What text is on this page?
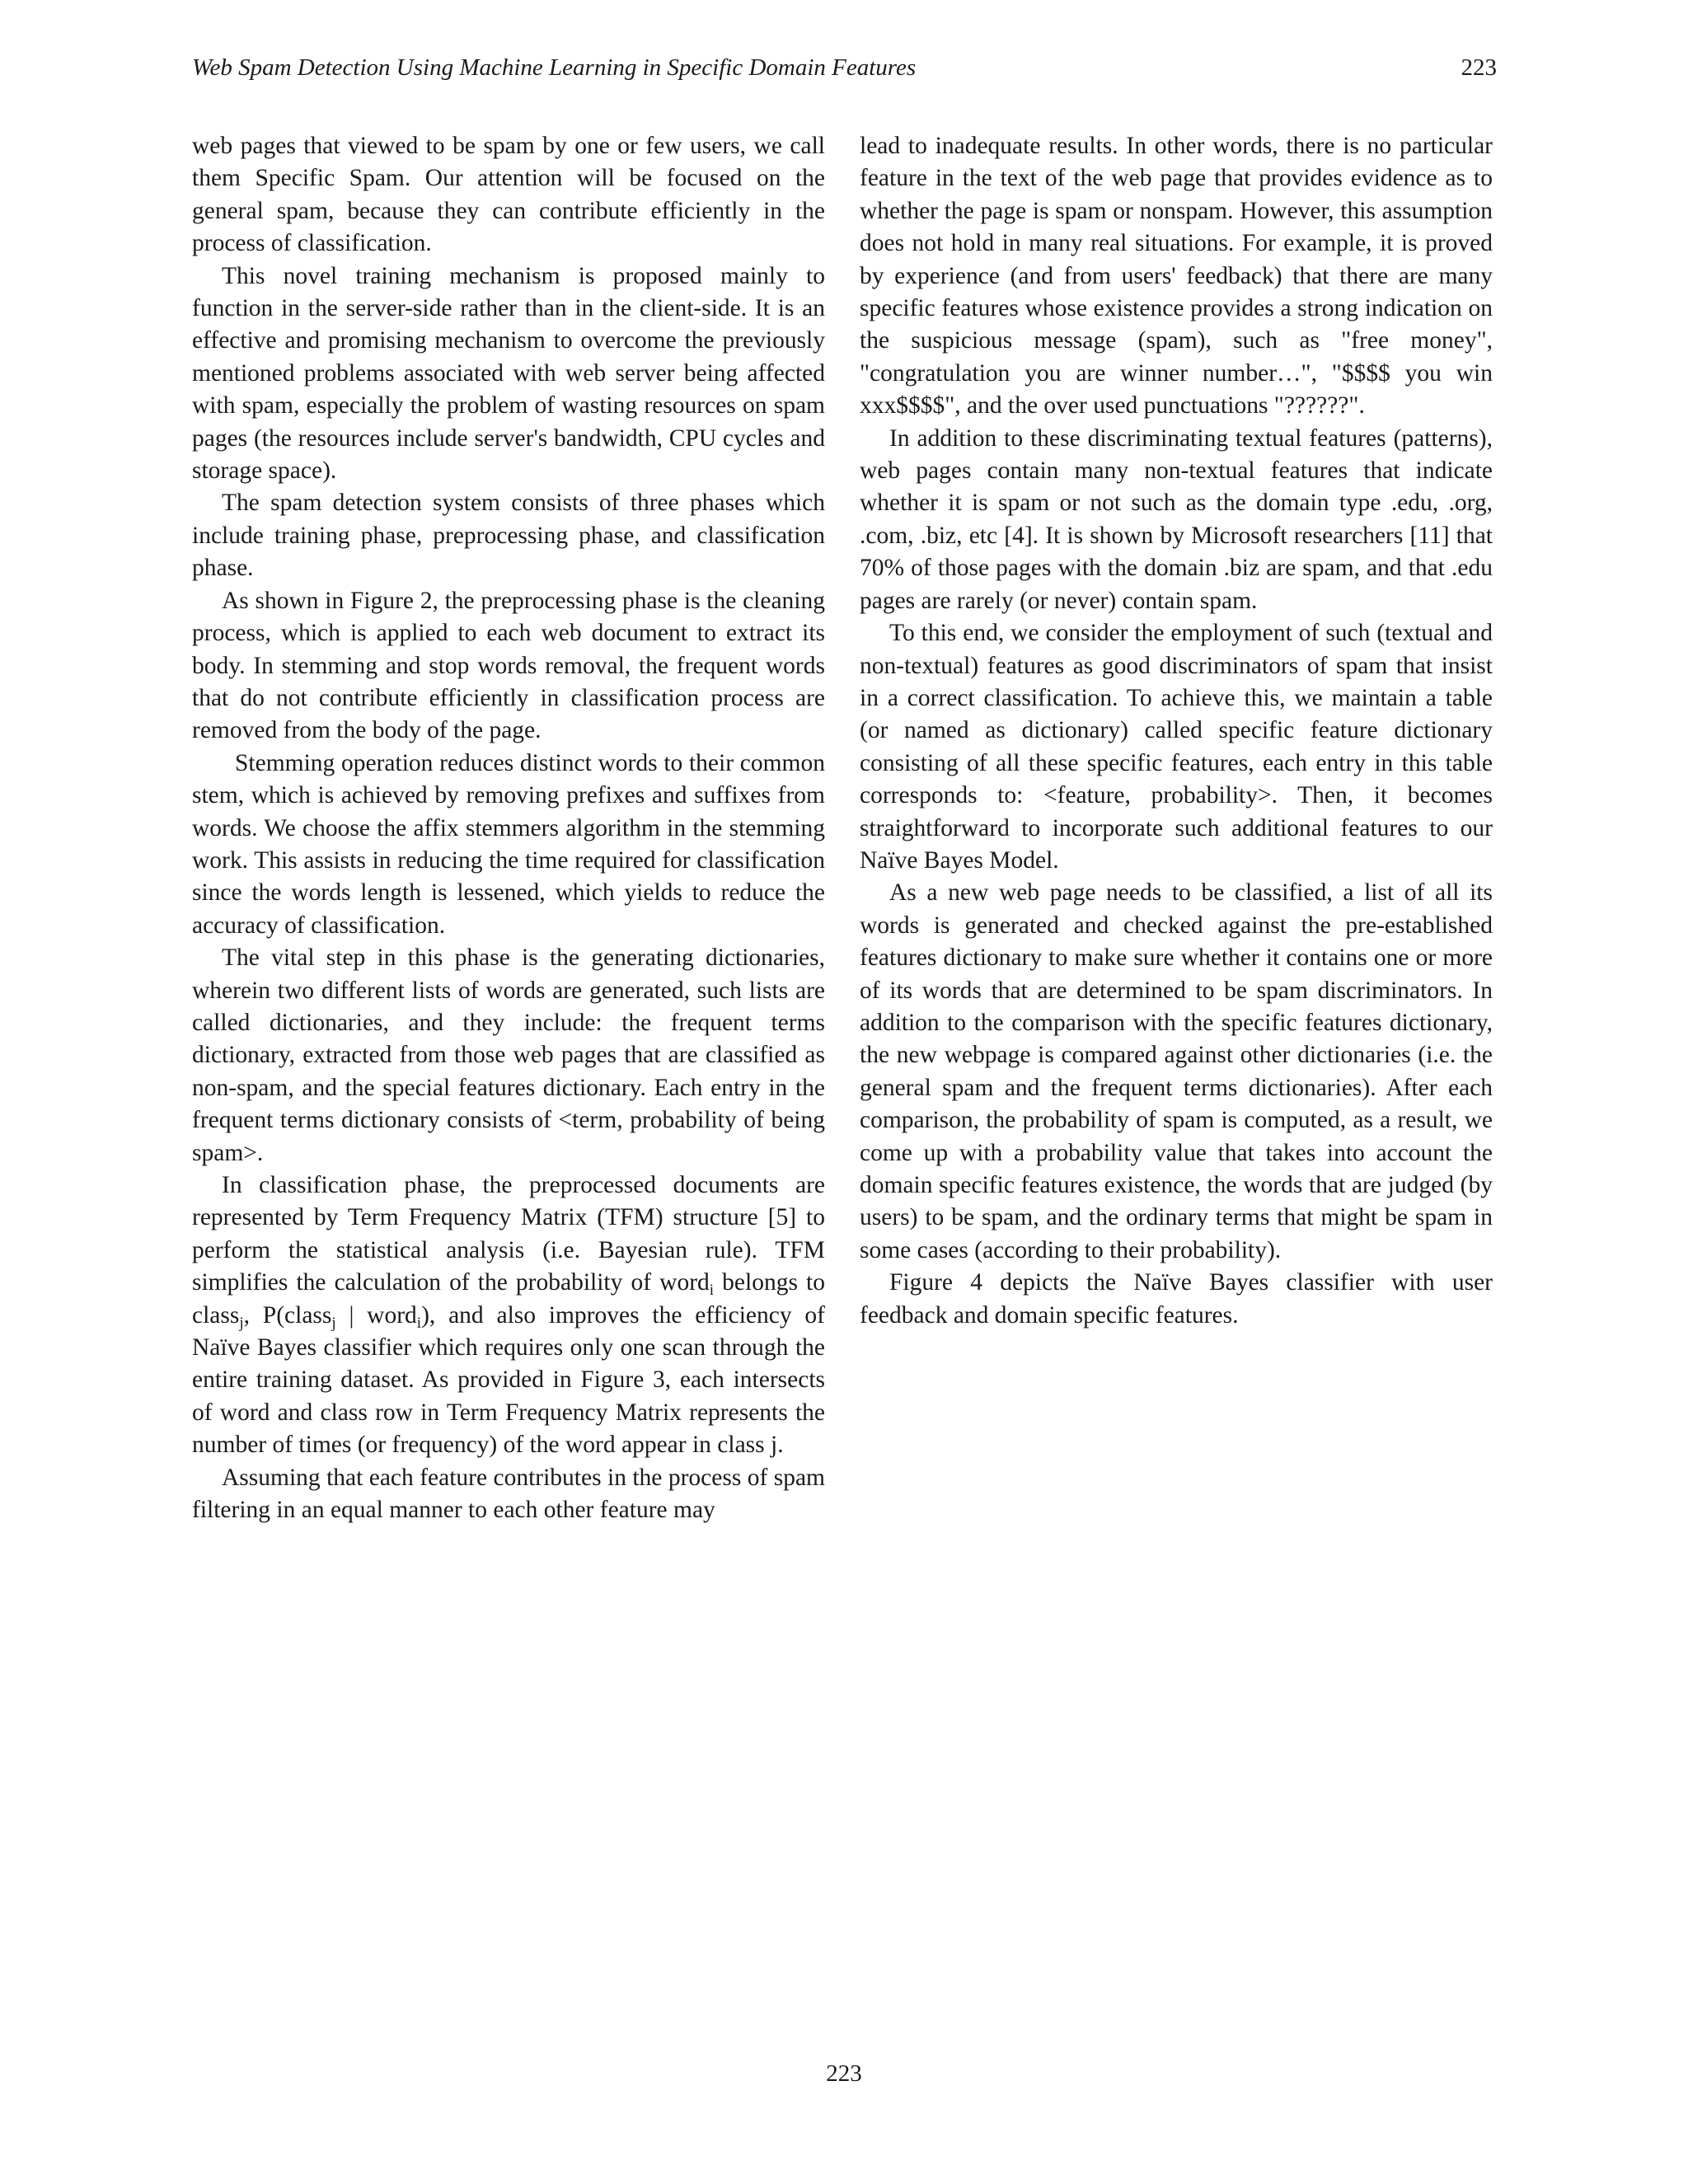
Web Spam Detection Using Machine Learning in Specific Domain Features	223

web pages that viewed to be spam by one or few users, we call them Specific Spam. Our attention will be focused on the general spam, because they can contribute efficiently in the process of classification.

This novel training mechanism is proposed mainly to function in the server-side rather than in the client-side. It is an effective and promising mechanism to overcome the previously mentioned problems associated with web server being affected with spam, especially the problem of wasting resources on spam pages (the resources include server's bandwidth, CPU cycles and storage space).

The spam detection system consists of three phases which include training phase, preprocessing phase, and classification phase.

As shown in Figure 2, the preprocessing phase is the cleaning process, which is applied to each web document to extract its body. In stemming and stop words removal, the frequent words that do not contribute efficiently in classification process are removed from the body of the page.

Stemming operation reduces distinct words to their common stem, which is achieved by removing prefixes and suffixes from words. We choose the affix stemmers algorithm in the stemming work. This assists in reducing the time required for classification since the words length is lessened, which yields to reduce the accuracy of classification.

The vital step in this phase is the generating dictionaries, wherein two different lists of words are generated, such lists are called dictionaries, and they include: the frequent terms dictionary, extracted from those web pages that are classified as non-spam, and the special features dictionary. Each entry in the frequent terms dictionary consists of <term, probability of being spam>.

In classification phase, the preprocessed documents are represented by Term Frequency Matrix (TFM) structure [5] to perform the statistical analysis (i.e. Bayesian rule). TFM simplifies the calculation of the probability of word$_i$ belongs to class$_j$, P(class$_j$ | word$_i$), and also improves the efficiency of Naïve Bayes classifier which requires only one scan through the entire training dataset. As provided in Figure 3, each intersects of word and class row in Term Frequency Matrix represents the number of times (or frequency) of the word appear in class j.

Assuming that each feature contributes in the process of spam filtering in an equal manner to each other feature may

lead to inadequate results. In other words, there is no particular feature in the text of the web page that provides evidence as to whether the page is spam or nonspam. However, this assumption does not hold in many real situations. For example, it is proved by experience (and from users' feedback) that there are many specific features whose existence provides a strong indication on the suspicious message (spam), such as "free money", "congratulation you are winner number…", "$$$$ you win xxx$$$$", and the over used punctuations "??????".

In addition to these discriminating textual features (patterns), web pages contain many non-textual features that indicate whether it is spam or not such as the domain type .edu, .org, .com, .biz, etc [4]. It is shown by Microsoft researchers [11] that 70% of those pages with the domain .biz are spam, and that .edu pages are rarely (or never) contain spam.

To this end, we consider the employment of such (textual and non-textual) features as good discriminators of spam that insist in a correct classification. To achieve this, we maintain a table (or named as dictionary) called specific feature dictionary consisting of all these specific features, each entry in this table corresponds to: <feature, probability>. Then, it becomes straightforward to incorporate such additional features to our Naïve Bayes Model.

As a new web page needs to be classified, a list of all its words is generated and checked against the pre-established features dictionary to make sure whether it contains one or more of its words that are determined to be spam discriminators. In addition to the comparison with the specific features dictionary, the new webpage is compared against other dictionaries (i.e. the general spam and the frequent terms dictionaries). After each comparison, the probability of spam is computed, as a result, we come up with a probability value that takes into account the domain specific features existence, the words that are judged (by users) to be spam, and the ordinary terms that might be spam in some cases (according to their probability).

Figure 4 depicts the Naïve Bayes classifier with user feedback and domain specific features.

223
